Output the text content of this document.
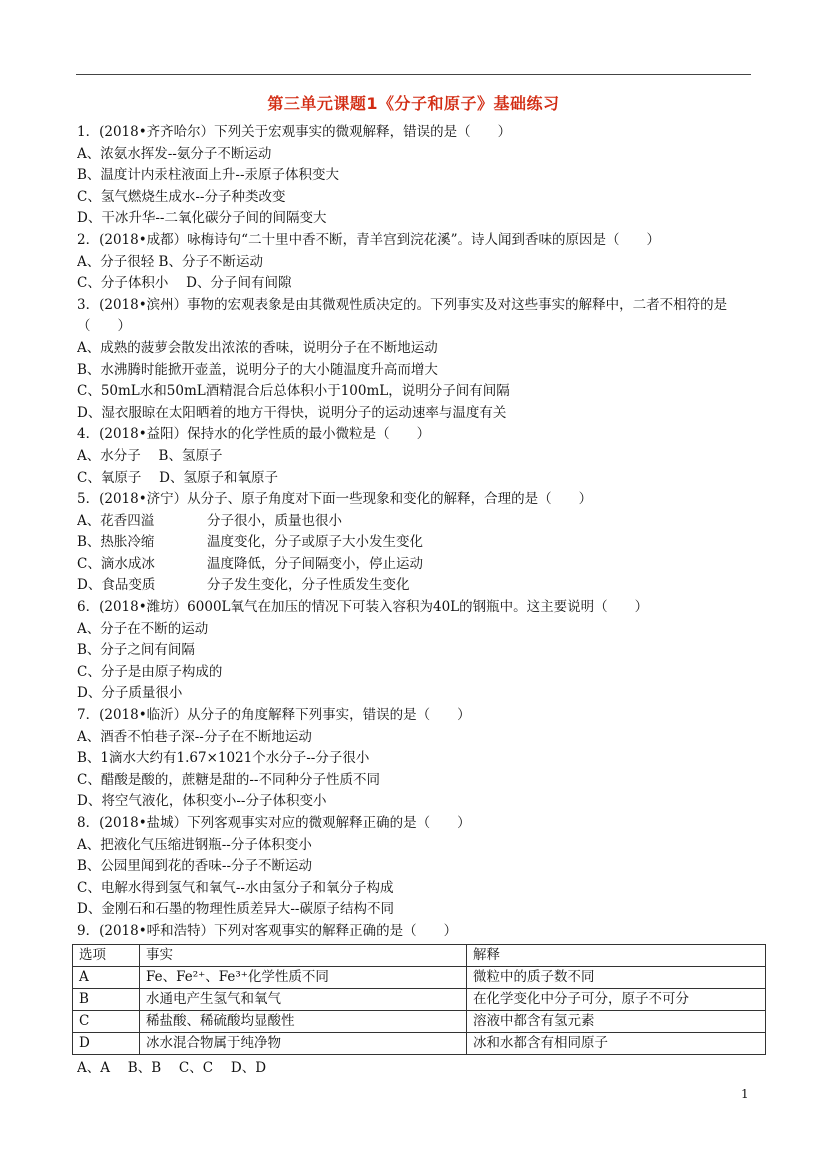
第三单元课题1《分子和原子》基础练习
1．(2018•齐齐哈尔）下列关于宏观事实的微观解释，错误的是（　　）
A、浓氨水挥发--氨分子不断运动
B、温度计内汞柱液面上升--汞原子体积变大
C、氢气燃烧生成水--分子种类改变
D、干冰升华--二氧化碳分子间的间隔变大
2．(2018•成都）咏梅诗句“二十里中香不断，青羊宫到浣花溪”。诗人闻到香味的原因是（　　）
A、分子很轻 B、分子不断运动
C、分子体积小　 D、分子间有间隙
3．(2018•滨州）事物的宏观表象是由其微观性质决定的。下列事实及对这些事实的解释中，二者不相符的是（　　）
A、成熟的菠萝会散发出浓浓的香味，说明分子在不断地运动
B、水沸腾时能掀开壶盖，说明分子的大小随温度升高而增大
C、50mL水和50mL酒精混合后总体积小于100mL，说明分子间有间隔
D、湿衣服晾在太阳晒着的地方干得快，说明分子的运动速率与温度有关
4．(2018•益阳）保持水的化学性质的最小微粒是（　　）
A、水分子　 B、氢原子
C、氧原子　 D、氢原子和氧原子
5．(2018•济宁）从分子、原子角度对下面一些现象和变化的解释，合理的是（　　）
A、花香四溢	分子很小，质量也很小
B、热胀冷缩	温度变化，分子或原子大小发生变化
C、滴水成冰	温度降低，分子间隔变小，停止运动
D、食品变质	分子发生变化，分子性质发生变化
6．(2018•潍坊）6000L氧气在加压的情况下可装入容积为40L的钢瓶中。这主要说明（　　）
A、分子在不断的运动
B、分子之间有间隔
C、分子是由原子构成的
D、分子质量很小
7．(2018•临沂）从分子的角度解释下列事实，错误的是（　　）
A、酒香不怕巷子深--分子在不断地运动
B、1滴水大约有1.67×1021个水分子--分子很小
C、醋酸是酸的，蔗糖是甜的--不同种分子性质不同
D、将空气液化，体积变小--分子体积变小
8．(2018•盐城）下列客观事实对应的微观解释正确的是（　　）
A、把液化气压缩进钢瓶--分子体积变小
B、公园里闻到花的香味--分子不断运动
C、电解水得到氢气和氧气--水由氢分子和氧分子构成
D、金刚石和石墨的物理性质差异大--碳原子结构不同
9．(2018•呼和浩特）下列对客观事实的解释正确的是（　　）
选项	事实	解释
A	Fe、Fe²⁺、Fe³⁺化学性质不同	微粒中的质子数不同
B	水通电产生氢气和氧气	在化学变化中分子可分，原子不可分
C	稀盐酸、稀硫酸均显酸性	溶液中都含有氢元素
D	冰水混合物属于纯净物	冰和水都含有相同原子
A、A　 B、B　 C、C　 D、D
1
